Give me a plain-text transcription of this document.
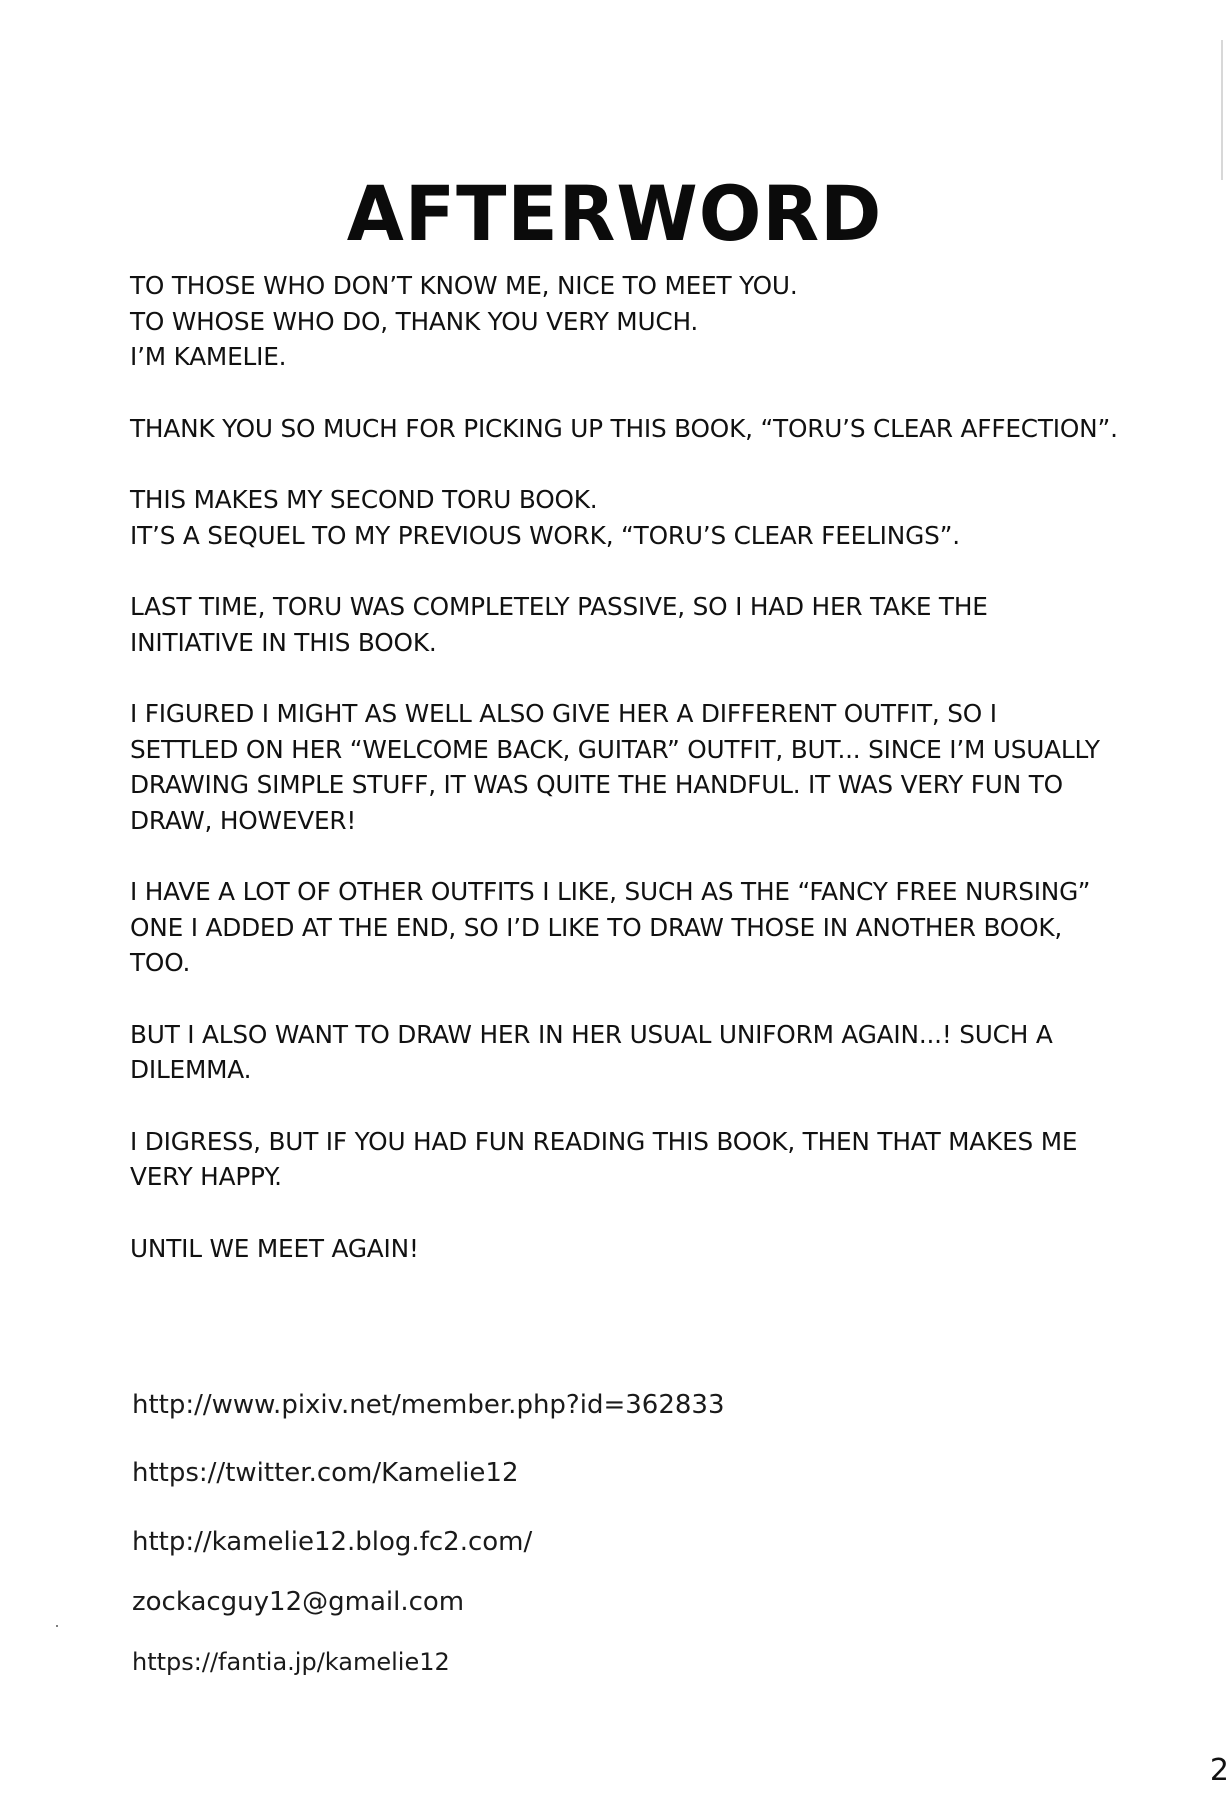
AFTERWORD

TO THOSE WHO DON’T KNOW ME, NICE TO MEET YOU.
TO WHOSE WHO DO, THANK YOU VERY MUCH.
I’M KAMELIE.

THANK YOU SO MUCH FOR PICKING UP THIS BOOK, “TORU’S CLEAR AFFECTION”.

THIS MAKES MY SECOND TORU BOOK.
IT’S A SEQUEL TO MY PREVIOUS WORK, “TORU’S CLEAR FEELINGS”.

LAST TIME, TORU WAS COMPLETELY PASSIVE, SO I HAD HER TAKE THE
INITIATIVE IN THIS BOOK.

I FIGURED I MIGHT AS WELL ALSO GIVE HER A DIFFERENT OUTFIT, SO I
SETTLED ON HER “WELCOME BACK, GUITAR” OUTFIT, BUT... SINCE I’M USUALLY
DRAWING SIMPLE STUFF, IT WAS QUITE THE HANDFUL. IT WAS VERY FUN TO
DRAW, HOWEVER!

I HAVE A LOT OF OTHER OUTFITS I LIKE, SUCH AS THE “FANCY FREE NURSING”
ONE I ADDED AT THE END, SO I’D LIKE TO DRAW THOSE IN ANOTHER BOOK,
TOO.

BUT I ALSO WANT TO DRAW HER IN HER USUAL UNIFORM AGAIN...! SUCH A
DILEMMA.

I DIGRESS, BUT IF YOU HAD FUN READING THIS BOOK, THEN THAT MAKES ME
VERY HAPPY.

UNTIL WE MEET AGAIN!

http://www.pixiv.net/member.php?id=362833
https://twitter.com/Kamelie12
http://kamelie12.blog.fc2.com/
zockacguy12@gmail.com
https://fantia.jp/kamelie12
2
